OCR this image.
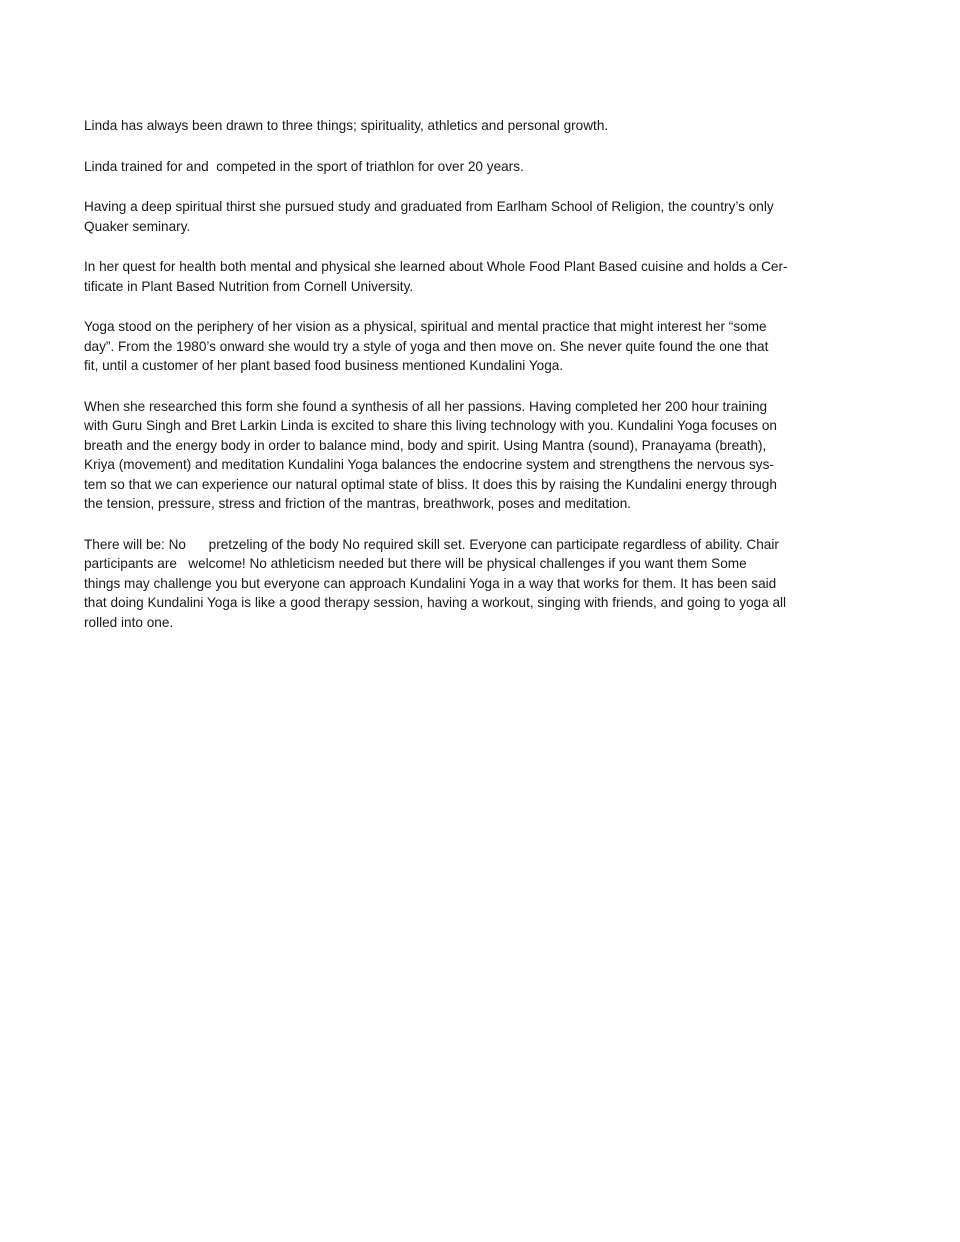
Linda has always been drawn to three things; spirituality, athletics and personal growth.

Linda trained for and  competed in the sport of triathlon for over 20 years.

Having a deep spiritual thirst she pursued study and graduated from Earlham School of Religion, the country’s only
Quaker seminary.

In her quest for health both mental and physical she learned about Whole Food Plant Based cuisine and holds a Cer-
tificate in Plant Based Nutrition from Cornell University.

Yoga stood on the periphery of her vision as a physical, spiritual and mental practice that might interest her “some
day”. From the 1980’s onward she would try a style of yoga and then move on. She never quite found the one that
fit, until a customer of her plant based food business mentioned Kundalini Yoga.

When she researched this form she found a synthesis of all her passions. Having completed her 200 hour training
with Guru Singh and Bret Larkin Linda is excited to share this living technology with you. Kundalini Yoga focuses on
breath and the energy body in order to balance mind, body and spirit. Using Mantra (sound), Pranayama (breath),
Kriya (movement) and meditation Kundalini Yoga balances the endocrine system and strengthens the nervous sys-
tem so that we can experience our natural optimal state of bliss. It does this by raising the Kundalini energy through
the tension, pressure, stress and friction of the mantras, breathwork, poses and meditation.

There will be: No      pretzeling of the body No required skill set. Everyone can participate regardless of ability. Chair
participants are   welcome! No athleticism needed but there will be physical challenges if you want them Some
things may challenge you but everyone can approach Kundalini Yoga in a way that works for them. It has been said
that doing Kundalini Yoga is like a good therapy session, having a workout, singing with friends, and going to yoga all
rolled into one.
